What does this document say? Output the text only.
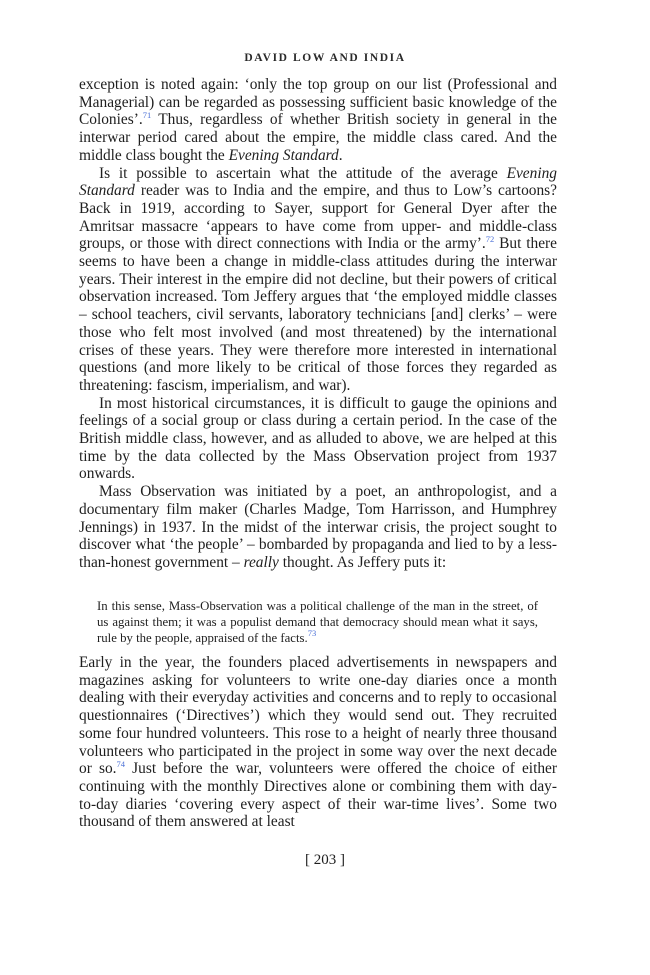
DAVID LOW AND INDIA

exception is noted again: ‘only the top group on our list (Professional and Managerial) can be regarded as possessing sufficient basic knowledge of the Colonies’.$^{71}$ Thus, regardless of whether British society in general in the interwar period cared about the empire, the middle class cared. And the middle class bought the Evening Standard.

Is it possible to ascertain what the attitude of the average Evening Standard reader was to India and the empire, and thus to Low’s cartoons? Back in 1919, according to Sayer, support for General Dyer after the Amritsar massacre ‘appears to have come from upper- and middle-class groups, or those with direct connections with India or the army’.$^{72}$ But there seems to have been a change in middle-class attitudes during the interwar years. Their interest in the empire did not decline, but their powers of critical observation increased. Tom Jeffery argues that ‘the employed middle classes – school teachers, civil servants, laboratory technicians [and] clerks’ – were those who felt most involved (and most threatened) by the international crises of these years. They were therefore more interested in international questions (and more likely to be critical of those forces they regarded as threatening: fascism, imperialism, and war).

In most historical circumstances, it is difficult to gauge the opinions and feelings of a social group or class during a certain period. In the case of the British middle class, however, and as alluded to above, we are helped at this time by the data collected by the Mass Observation project from 1937 onwards.

Mass Observation was initiated by a poet, an anthropologist, and a documentary film maker (Charles Madge, Tom Harrisson, and Humphrey Jennings) in 1937. In the midst of the interwar crisis, the project sought to discover what ‘the people’ – bombarded by propaganda and lied to by a less-than-honest government – really thought. As Jeffery puts it:

In this sense, Mass-Observation was a political challenge of the man in the street, of us against them; it was a populist demand that democracy should mean what it says, rule by the people, appraised of the facts.$^{73}$

Early in the year, the founders placed advertisements in newspapers and magazines asking for volunteers to write one-day diaries once a month dealing with their everyday activities and concerns and to reply to occasional questionnaires (‘Directives’) which they would send out. They recruited some four hundred volunteers. This rose to a height of nearly three thousand volunteers who participated in the project in some way over the next decade or so.$^{74}$ Just before the war, volunteers were offered the choice of either continuing with the monthly Directives alone or combining them with day-to-day diaries ‘covering every aspect of their war-time lives’. Some two thousand of them answered at least

[ 203 ]
